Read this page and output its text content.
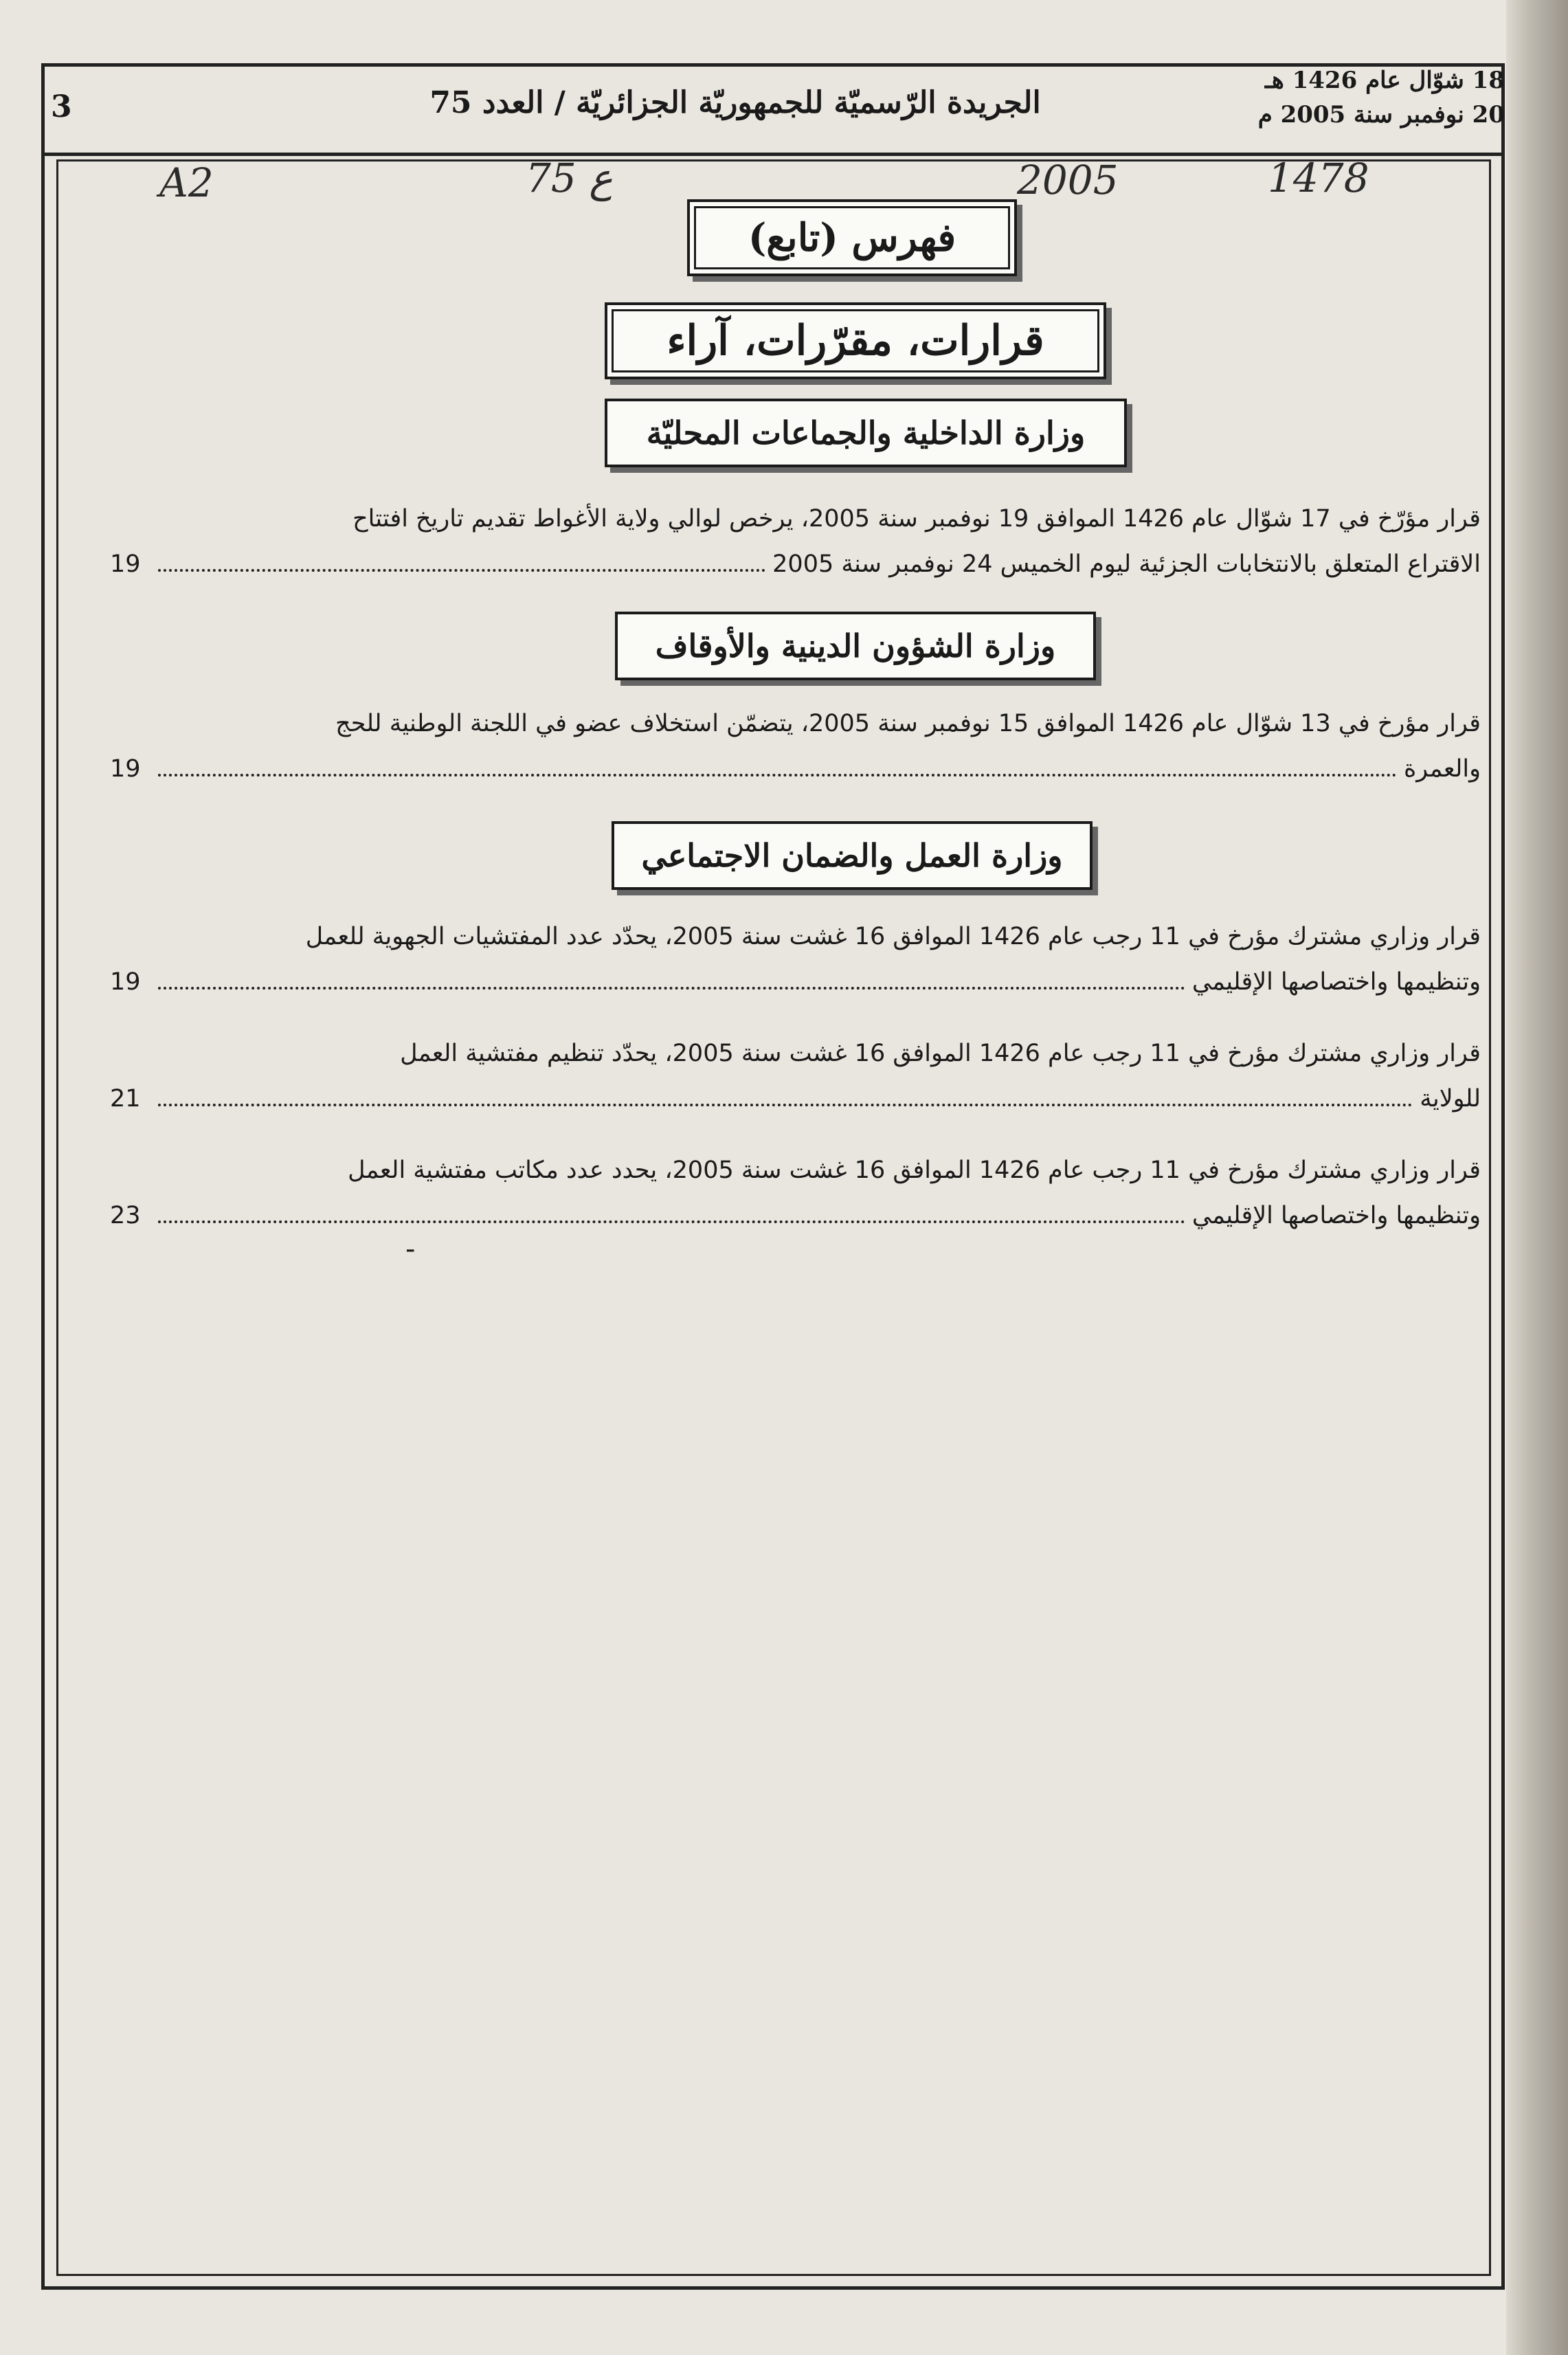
3	الجريدة الرّسميّة للجمهوريّة الجزائريّة / العدد 75
18 شوّال عام 1426 هـ
20 نوفمبر سنة 2005 م
A2	75 ع	2005	1478
فهرس (تابع)
قرارات، مقرّرات، آراء
وزارة الداخلية والجماعات المحليّة
قرار مؤرّخ في 17 شوّال عام 1426 الموافق 19 نوفمبر سنة 2005، يرخص لوالي ولاية الأغواط تقديم تاريخ افتتاح
الاقتراع المتعلق بالانتخابات الجزئية ليوم الخميس 24 نوفمبر سنة 2005
19
وزارة الشؤون الدينية والأوقاف
قرار مؤرخ في 13 شوّال عام 1426 الموافق 15 نوفمبر سنة 2005، يتضمّن استخلاف عضو في اللجنة الوطنية للحج
والعمرة
19
وزارة العمل والضمان الاجتماعي
قرار وزاري مشترك مؤرخ في 11 رجب عام 1426 الموافق 16 غشت سنة 2005، يحدّد عدد المفتشيات الجهوية للعمل
وتنظيمها واختصاصها الإقليمي
19
قرار وزاري مشترك مؤرخ في 11 رجب عام 1426 الموافق 16 غشت سنة 2005، يحدّد تنظيم مفتشية العمل
للولاية
21
قرار وزاري مشترك مؤرخ في 11 رجب عام 1426 الموافق 16 غشت سنة 2005، يحدد عدد مكاتب مفتشية العمل
وتنظيمها واختصاصها الإقليمي
23
-
